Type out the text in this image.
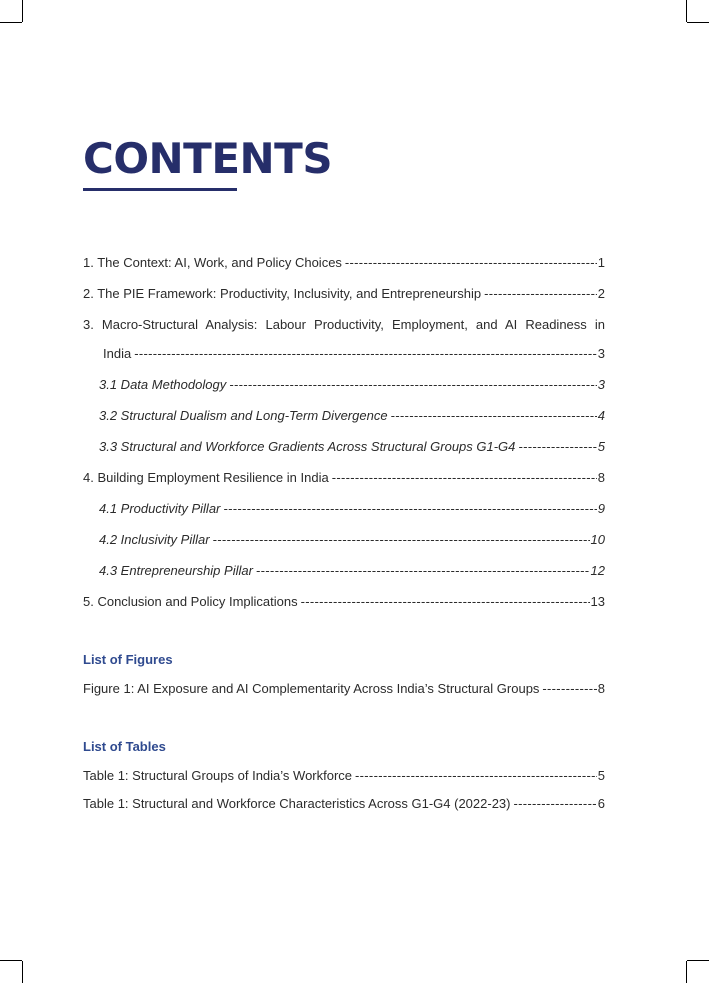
CONTENTS
1. The Context: AI, Work, and Policy Choices -----	1
2. The PIE Framework: Productivity, Inclusivity, and Entrepreneurship -----	2
3. Macro-Structural Analysis: Labour Productivity, Employment, and AI Readiness in
India -----	3
3.1 Data Methodology -----	3
3.2 Structural Dualism and Long-Term Divergence -----	4
3.3 Structural and Workforce Gradients Across Structural Groups G1-G4 -----	5
4. Building Employment Resilience in India -----	8
4.1 Productivity Pillar -----	9
4.2 Inclusivity Pillar -----	10
4.3 Entrepreneurship Pillar -----	12
5. Conclusion and Policy Implications -----	13
List of Figures
Figure 1: AI Exposure and AI Complementarity Across India’s Structural Groups -----	8
List of Tables
Table 1: Structural Groups of India’s Workforce -----	5
Table 1: Structural and Workforce Characteristics Across G1-G4 (2022-23) -----	6
